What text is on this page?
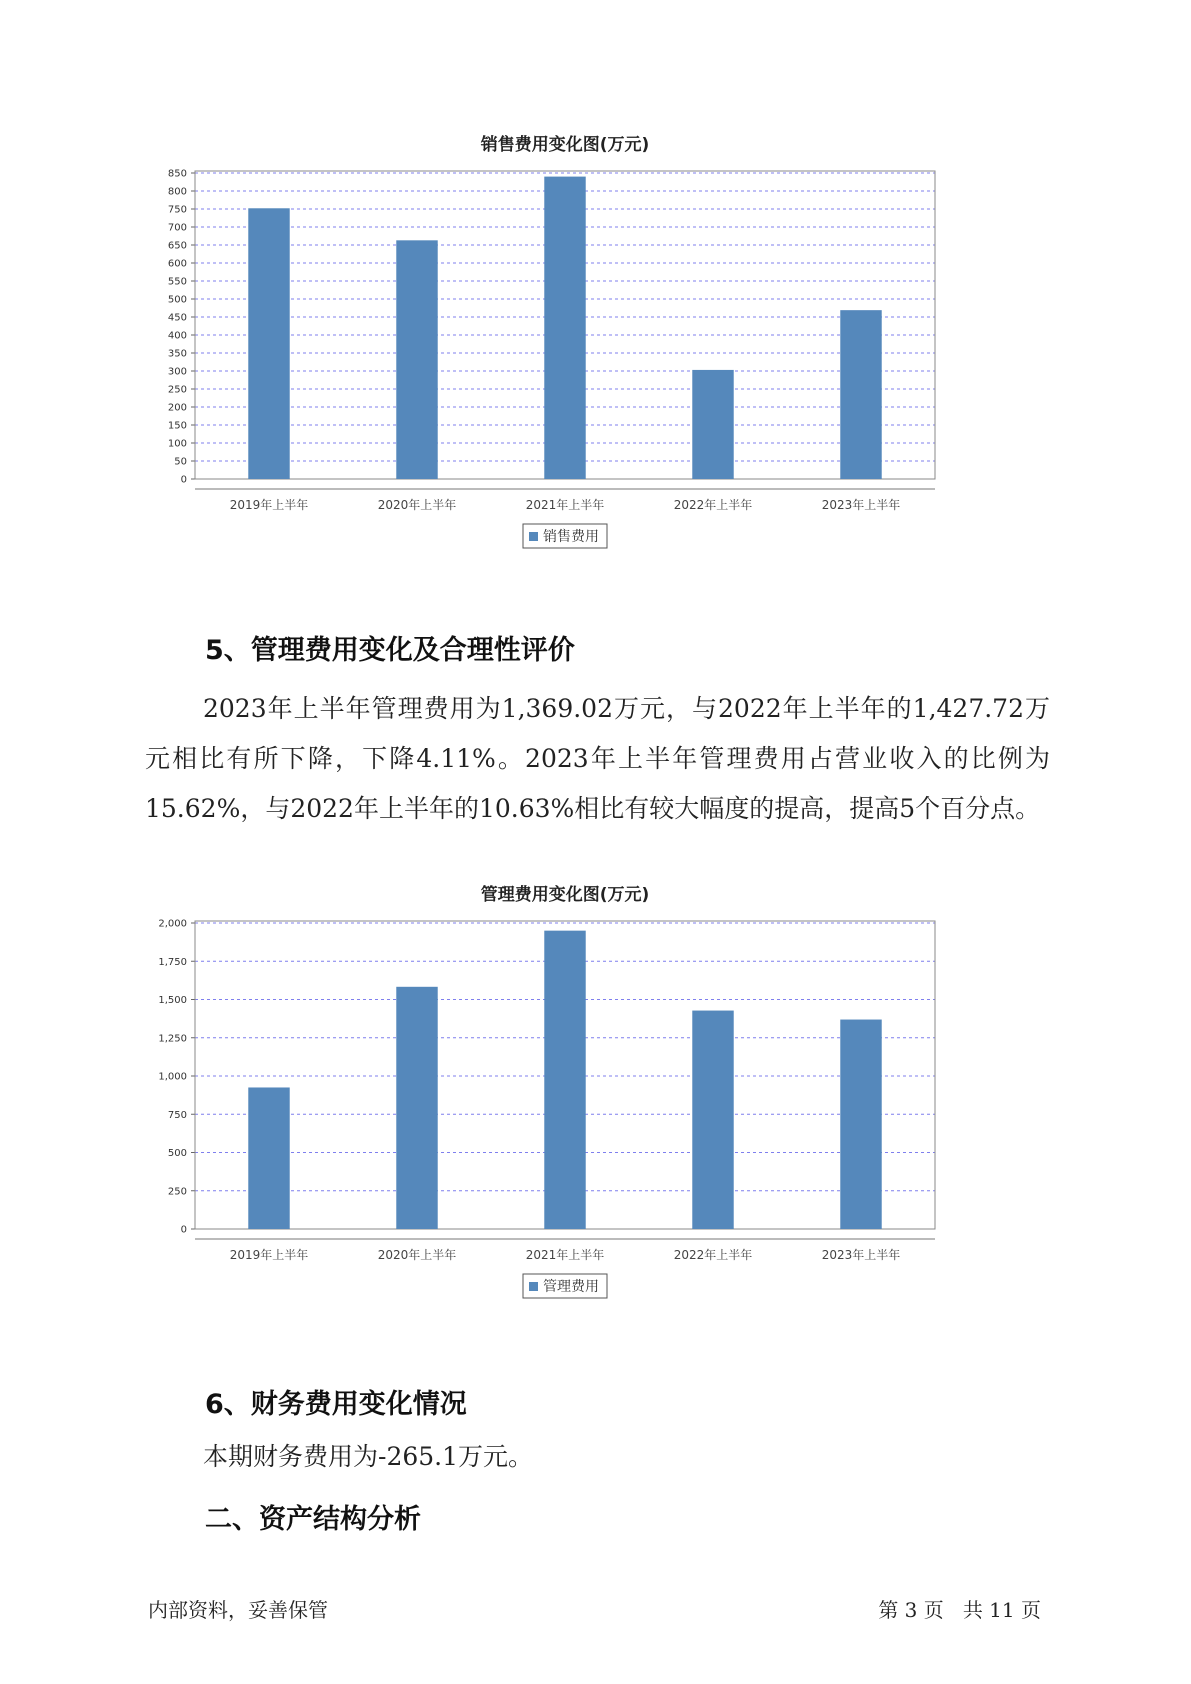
销售费用变化图(万元)
0
50
100
150
200
250
300
350
400
450
500
550
600
650
700
750
800
850
2019年上半年	2020年上半年	2021年上半年	2022年上半年	2023年上半年
销售费用
5、管理费用变化及合理性评价

2023年上半年管理费用为1,369.02万元，与2022年上半年的1,427.72万元相比有所下降，下降4.11%。2023年上半年管理费用占营业收入的比例为15.62%，与2022年上半年的10.63%相比有较大幅度的提高，提高5个百分点。

管理费用变化图(万元)
0
250
500
750
1,000
1,250
1,500
1,750
2,000
2019年上半年	2020年上半年	2021年上半年	2022年上半年	2023年上半年
管理费用
6、财务费用变化情况

本期财务费用为-265.1万元。

二、资产结构分析
内部资料，妥善保管	第 3 页   共 11 页
